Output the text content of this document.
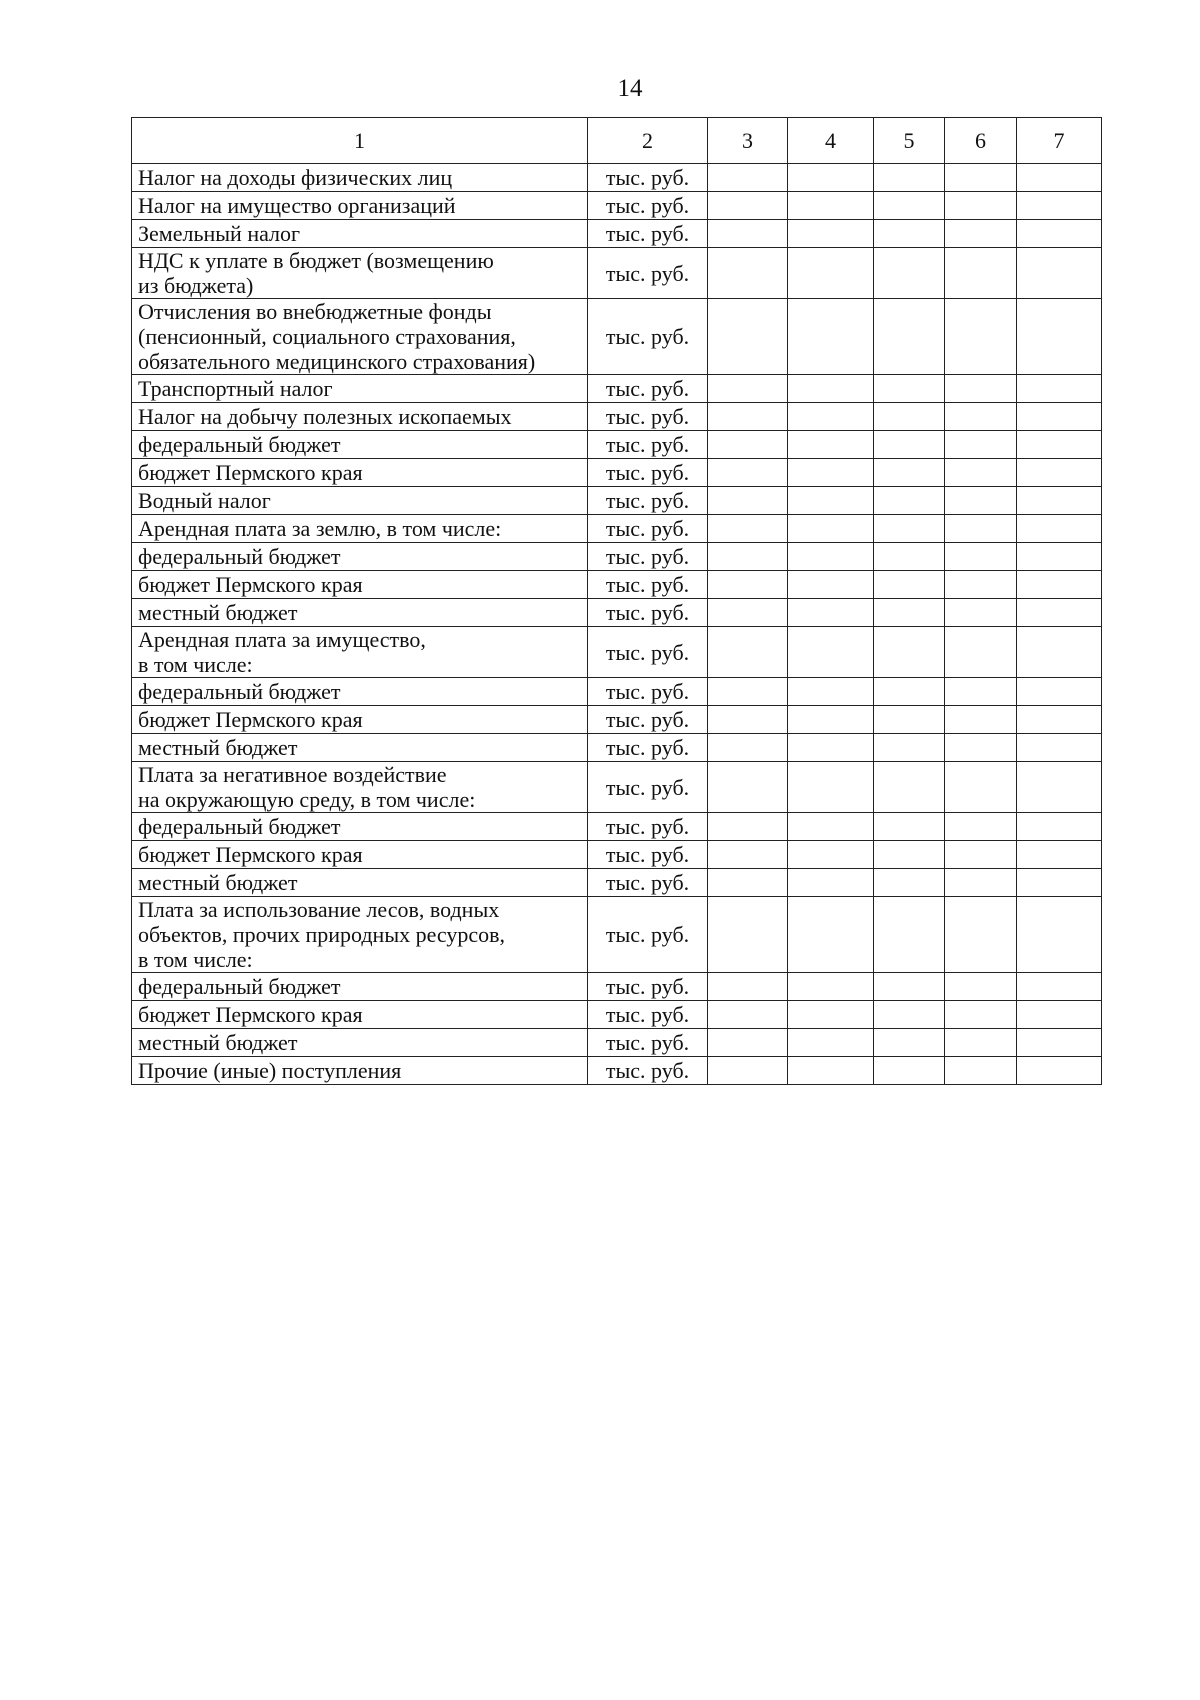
14
1	2	3	4	5	6	7
Налог на доходы физических лиц	тыс. руб.					
Налог на имущество организаций	тыс. руб.					
Земельный налог	тыс. руб.					
НДС к уплате в бюджет (возмещению
из бюджета)	тыс. руб.					
Отчисления во внебюджетные фонды
(пенсионный, социального страхования,
обязательного медицинского страхования)	тыс. руб.					
Транспортный налог	тыс. руб.					
Налог на добычу полезных ископаемых	тыс. руб.					
федеральный бюджет	тыс. руб.					
бюджет Пермского края	тыс. руб.					
Водный налог	тыс. руб.					
Арендная плата за землю, в том числе:	тыс. руб.					
федеральный бюджет	тыс. руб.					
бюджет Пермского края	тыс. руб.					
местный бюджет	тыс. руб.					
Арендная плата за имущество,
в том числе:	тыс. руб.					
федеральный бюджет	тыс. руб.					
бюджет Пермского края	тыс. руб.					
местный бюджет	тыс. руб.					
Плата за негативное воздействие
на окружающую среду, в том числе:	тыс. руб.					
федеральный бюджет	тыс. руб.					
бюджет Пермского края	тыс. руб.					
местный бюджет	тыс. руб.					
Плата за использование лесов, водных
объектов, прочих природных ресурсов,
в том числе:	тыс. руб.					
федеральный бюджет	тыс. руб.					
бюджет Пермского края	тыс. руб.					
местный бюджет	тыс. руб.					
Прочие (иные) поступления	тыс. руб.					
